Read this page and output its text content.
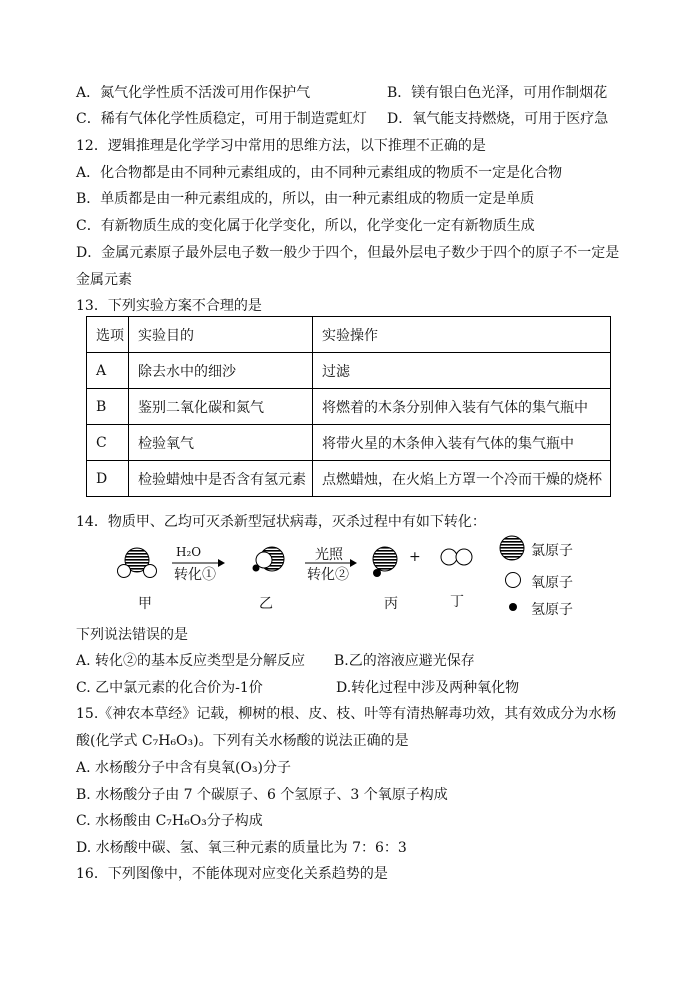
A．氮气化学性质不活泼可用作保护气	B．镁有银白色光泽，可用作制烟花
C．稀有气体化学性质稳定，可用于制造霓虹灯 D．氧气能支持燃烧，可用于医疗急
12．逻辑推理是化学学习中常用的思维方法，以下推理不正确的是
A．化合物都是由不同种元素组成的，由不同种元素组成的物质不一定是化合物
B．单质都是由一种元素组成的，所以，由一种元素组成的物质一定是单质
C．有新物质生成的变化属于化学变化，所以，化学变化一定有新物质生成
D．金属元素原子最外层电子数一般少于四个，但最外层电子数少于四个的原子不一定是
金属元素
13．下列实验方案不合理的是
选项	实验目的	实验操作
A	除去水中的细沙	过滤
B	鉴别二氧化碳和氮气	将燃着的木条分别伸入装有气体的集气瓶中
C	检验氧气	将带火星的木条伸入装有气体的集气瓶中
D	检验蜡烛中是否含有氢元素	点燃蜡烛，在火焰上方罩一个冷而干燥的烧杯
14．物质甲、乙均可灭杀新型冠状病毒，灭杀过程中有如下转化：
H₂O
转化①
光照
转化②
+	氯原子
氧原子
氢原子
甲	乙	丙	丁
下列说法错误的是
A. 转化②的基本反应类型是分解反应 B.乙的溶液应避光保存
C. 乙中氯元素的化合价为-1价	D.转化过程中涉及两种氧化物
15.《神农本草经》记载，柳树的根、皮、枝、叶等有清热解毒功效，其有效成分为水杨
酸(化学式 C₇H₆O₃)。下列有关水杨酸的说法正确的是
A. 水杨酸分子中含有臭氧(O₃)分子
B. 水杨酸分子由 7 个碳原子、6 个氢原子、3 个氧原子构成
C. 水杨酸由 C₇H₆O₃分子构成
D. 水杨酸中碳、氢、氧三种元素的质量比为 7：6：3
16．下列图像中，不能体现对应变化关系趋势的是
